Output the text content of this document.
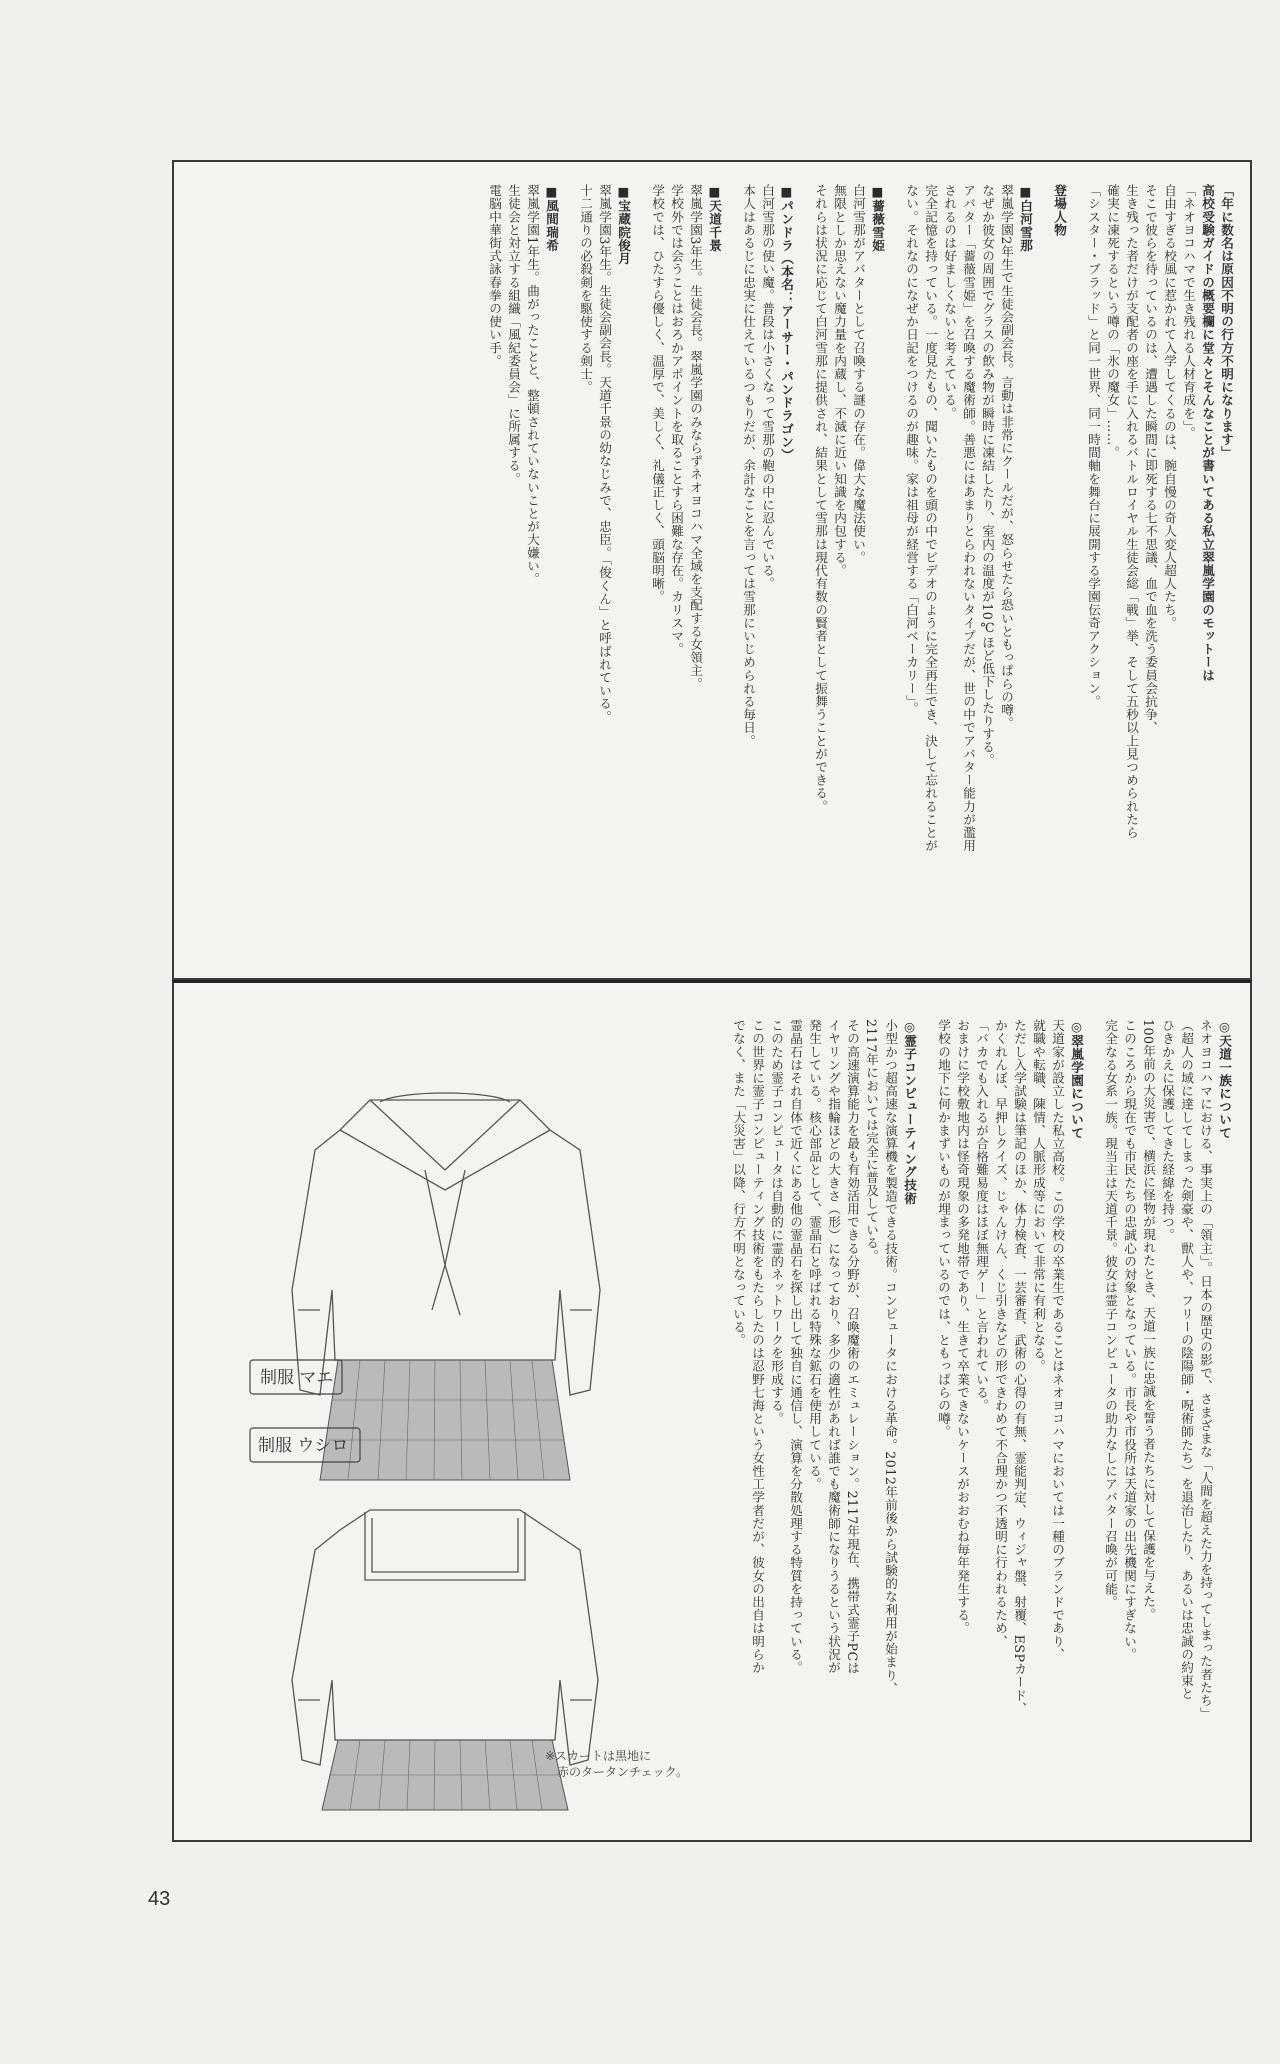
「年に数名は原因不明の行方不明になります」
高校受験ガイドの概要欄に堂々とそんなことが書いてある私立翠嵐学園のモットーは
「ネオヨコハマで生き残れる人材育成を」。
自由すぎる校風に惹かれて入学してくるのは、腕自慢の奇人変人超人たち。
そこで彼らを待っているのは、遭遇した瞬間に即死する七不思議、血で血を洗う委員会抗争、
生き残った者だけが支配者の座を手に入れるバトルロイヤル生徒会総「戦」挙、そして五秒以上見つめられたら
確実に凍死するという噂の「氷の魔女」……。
「シスター・ブラッド」と同一世界、同一時間軸を舞台に展開する学園伝奇アクション。
登場人物
■白河雪那
翠嵐学園2年生で生徒会副会長。言動は非常にクールだが、怒らせたら恐いともっぱらの噂。
なぜか彼女の周囲でグラスの飲み物が瞬時に凍結したり、室内の温度が10℃ほど低下したりする。
アバター「薔薇雪姫」を召喚する魔術師。善悪にはあまりとらわれないタイプだが、世の中でアバター能力が濫用
されるのは好ましくないと考えている。
完全記憶を持っている。一度見たもの、聞いたものを頭の中でビデオのように完全再生でき、決して忘れることが
ない。それなのになぜか日記をつけるのが趣味。家は祖母が経営する「白河ベーカリー」。
■薔薇雪姫
白河雪那がアバターとして召喚する謎の存在。偉大な魔法使い。
無限としか思えない魔力量を内蔵し、不滅に近い知識を内包する。
それらは状況に応じて白河雪那に提供され、結果として雪那は現代有数の賢者として振舞うことができる。
■パンドラ（本名：アーサー・パンドラゴン）
白河雪那の使い魔。普段は小さくなって雪那の鞄の中に忍んでいる。
本人はあるじに忠実に仕えているつもりだが、余計なことを言っては雪那にいじめられる毎日。
■天道千景
翠嵐学園3年生。生徒会長。翠嵐学園のみならずネオヨコハマ全域を支配する女領主。
学校外では会うことはおろかアポイントを取ることすら困難な存在。カリスマ。
学校では、ひたすら優しく、温厚で、美しく、礼儀正しく、頭脳明晰。
■宝蔵院俊月
翠嵐学園3年生。生徒会副会長。天道千景の幼なじみで、忠臣。「俊くん」と呼ばれている。
十二通りの必殺剣を駆使する剣士。
■風間瑞希
翠嵐学園1年生。曲がったことと、整頓されていないことが大嫌い。
生徒会と対立する組織「風紀委員会」に所属する。
電脳中華街式詠春拳の使い手。
◎天道一族について
ネオヨコハマにおける、事実上の「領主」。日本の歴史の影で、さまざまな「人間を超えた力を持ってしまった者たち」
（超人の域に達してしまった剣豪や、獣人や、フリーの陰陽師・呪術師たち）を退治したり、あるいは忠誠の約束と
ひきかえに保護してきた経緯を持つ。
100年前の大災害で、横浜に怪物が現れたとき、天道一族に忠誠を誓う者たちに対して保護を与えた。
このころから現在でも市民たちの忠誠心の対象となっている。市長や市役所は天道家の出先機関にすぎない。
完全なる女系一族。現当主は天道千景。彼女は霊子コンピュータの助力なしにアバター召喚が可能。
◎翠嵐学園について
天道家が設立した私立高校。この学校の卒業生であることはネオヨコハマにおいては一種のブランドであり、
就職や転職、陳情、人脈形成等において非常に有利となる。
ただし入学試験は筆記のほか、体力検査、一芸審査、武術の心得の有無、霊能判定、ウィジャ盤、射覆、ESPカード、
かくれんぼ、早押しクイズ、じゃんけん、くじ引きなどの形できわめて不合理かつ不透明に行われるため、
「バカでも入れるが合格難易度はほぼ無理ゲー」と言われている。
おまけに学校敷地内は怪奇現象の多発地帯であり、生きて卒業できないケースがおおむね毎年発生する。
学校の地下に何かまずいものが埋まっているのでは、ともっぱらの噂。
◎霊子コンピューティング技術
小型かつ超高速な演算機を製造できる技術。コンピュータにおける革命。2012年前後から試験的な利用が始まり、
2117年においては完全に普及している。
その高速演算能力を最も有効活用できる分野が、召喚魔術のエミュレーション。2117年現在、携帯式霊子PCは
イヤリングや指輪ほどの大きさ（形）になっており、多少の適性があれば誰でも魔術師になりうるという状況が
発生している。核心部品として、霊晶石と呼ばれる特殊な鉱石を使用している。
霊晶石はそれ自体で近くにある他の霊晶石を探し出して独自に通信し、演算を分散処理する特質を持っている。
このため霊子コンピュータは自動的に霊的ネットワークを形成する。
この世界に霊子コンピューティング技術をもたらしたのは忍野七海という女性工学者だが、彼女の出自は明らか
でなく、また「大災害」以降、行方不明となっている。
制服 マエ
制服 ウシロ
※スカートは黒地に
赤のタータンチェック。
43
